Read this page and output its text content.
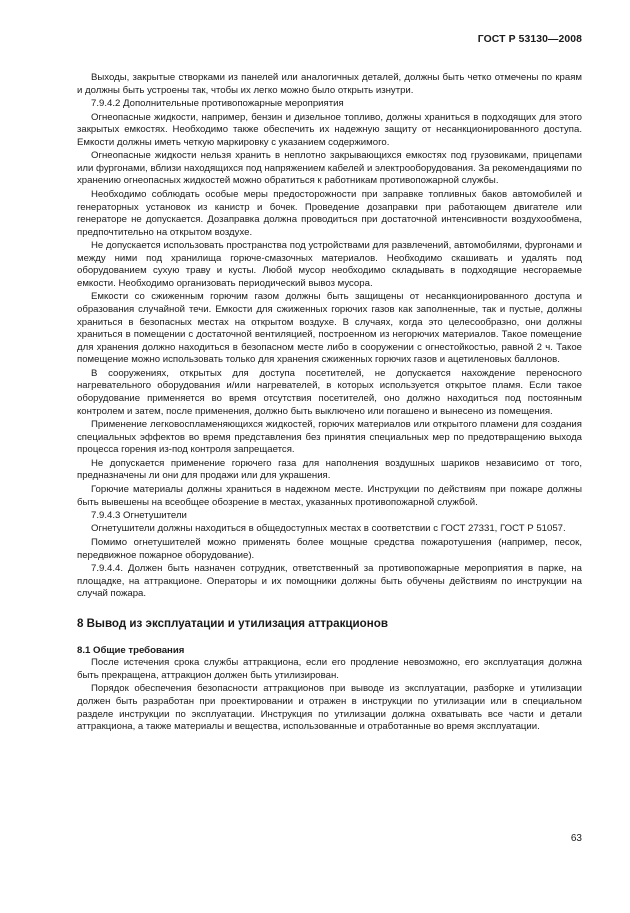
ГОСТ Р 53130—2008
Выходы, закрытые створками из панелей или аналогичных деталей, должны быть четко отмечены по краям и должны быть устроены так, чтобы их легко можно было открыть изнутри.
7.9.4.2 Дополнительные противопожарные мероприятия
Огнеопасные жидкости, например, бензин и дизельное топливо, должны храниться в подходящих для этого закрытых емкостях. Необходимо также обеспечить их надежную защиту от несанкционированного доступа. Емкости должны иметь четкую маркировку с указанием содержимого.
Огнеопасные жидкости нельзя хранить в неплотно закрывающихся емкостях под грузовиками, прицепами или фургонами, вблизи находящихся под напряжением кабелей и электрооборудования. За рекомендациями по хранению огнеопасных жидкостей можно обратиться к работникам противопожарной службы.
Необходимо соблюдать особые меры предосторожности при заправке топливных баков автомобилей и генераторных установок из канистр и бочек. Проведение дозаправки при работающем двигателе или генераторе не допускается. Дозаправка должна проводиться при достаточной интенсивности воздухообмена, предпочтительно на открытом воздухе.
Не допускается использовать пространства под устройствами для развлечений, автомобилями, фургонами и между ними под хранилища горюче-смазочных материалов. Необходимо скашивать и удалять под оборудованием сухую траву и кусты. Любой мусор необходимо складывать в подходящие несгораемые емкости. Необходимо организовать периодический вывоз мусора.
Емкости со сжиженным горючим газом должны быть защищены от несанкционированного доступа и образования случайной течи. Емкости для сжиженных горючих газов как заполненные, так и пустые, должны храниться в безопасных местах на открытом воздухе. В случаях, когда это целесообразно, они должны храниться в помещении с достаточной вентиляцией, построенном из негорючих материалов. Такое помещение для хранения должно находиться в безопасном месте либо в сооружении с огнестойкостью, равной 2 ч. Такое помещение можно использовать только для хранения сжиженных горючих газов и ацетиленовых баллонов.
В сооружениях, открытых для доступа посетителей, не допускается нахождение переносного нагревательного оборудования и/или нагревателей, в которых используется открытое пламя. Если такое оборудование применяется во время отсутствия посетителей, оно должно находиться под постоянным контролем и затем, после применения, должно быть выключено или погашено и вынесено из помещения.
Применение легковоспламеняющихся жидкостей, горючих материалов или открытого пламени для создания специальных эффектов во время представления без принятия специальных мер по предотвращению выхода процесса горения из-под контроля запрещается.
Не допускается применение горючего газа для наполнения воздушных шариков независимо от того, предназначены ли они для продажи или для украшения.
Горючие материалы должны храниться в надежном месте. Инструкции по действиям при пожаре должны быть вывешены на всеобщее обозрение в местах, указанных противопожарной службой.
7.9.4.3 Огнетушители
Огнетушители должны находиться в общедоступных местах в соответствии с ГОСТ 27331, ГОСТ Р 51057.
Помимо огнетушителей можно применять более мощные средства пожаротушения (например, песок, передвижное пожарное оборудование).
7.9.4.4. Должен быть назначен сотрудник, ответственный за противопожарные мероприятия в парке, на площадке, на аттракционе. Операторы и их помощники должны быть обучены действиям по инструкции на случай пожара.
8 Вывод из эксплуатации и утилизация аттракционов
8.1 Общие требования
После истечения срока службы аттракциона, если его продление невозможно, его эксплуатация должна быть прекращена, аттракцион должен быть утилизирован.
Порядок обеспечения безопасности аттракционов при выводе из эксплуатации, разборке и утилизации должен быть разработан при проектировании и отражен в инструкции по утилизации или в специальном разделе инструкции по эксплуатации. Инструкция по утилизации должна охватывать все части и детали аттракциона, а также материалы и вещества, использованные и отработанные во время эксплуатации.
63
